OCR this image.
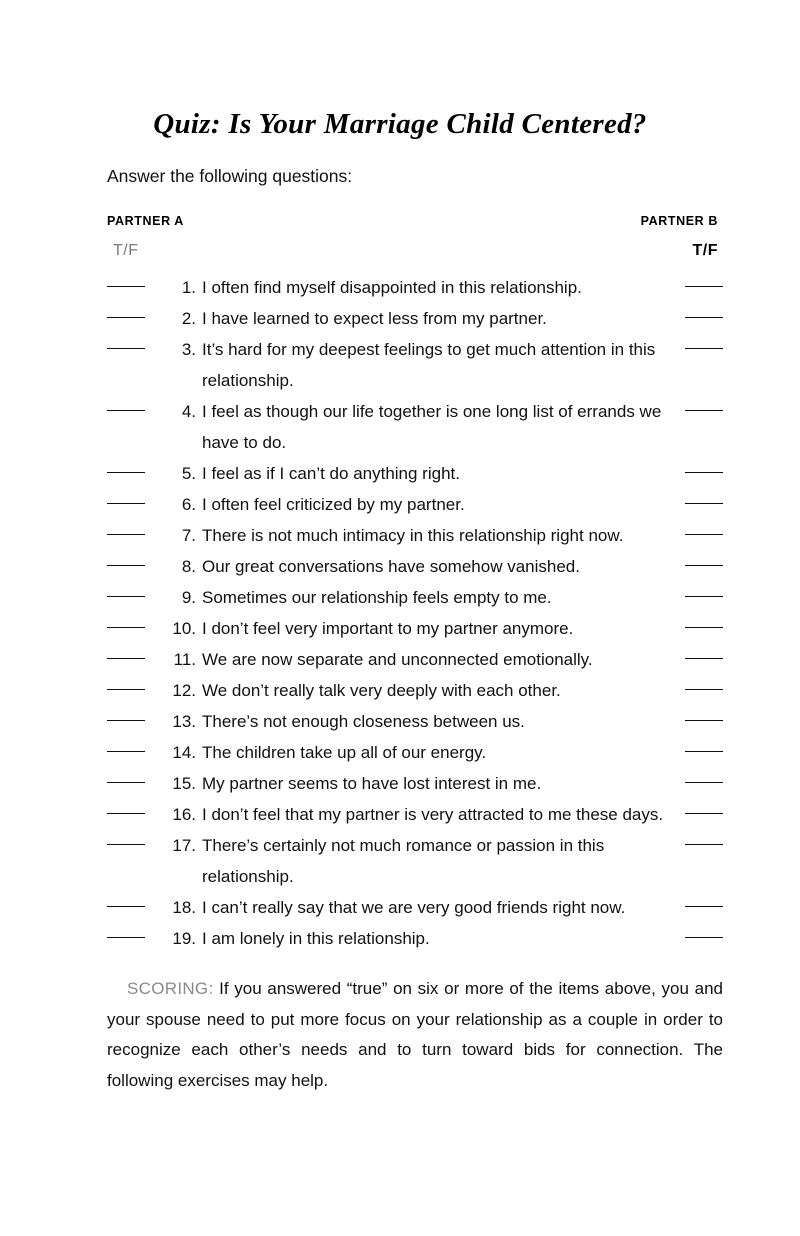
Quiz: Is Your Marriage Child Centered?
Answer the following questions:
PARTNER A	PARTNER B
T/F	T/F
1. I often find myself disappointed in this relationship.
2. I have learned to expect less from my partner.
3. It’s hard for my deepest feelings to get much attention in this relationship.
4. I feel as though our life together is one long list of errands we have to do.
5. I feel as if I can’t do anything right.
6. I often feel criticized by my partner.
7. There is not much intimacy in this relationship right now.
8. Our great conversations have somehow vanished.
9. Sometimes our relationship feels empty to me.
10. I don’t feel very important to my partner anymore.
11. We are now separate and unconnected emotionally.
12. We don’t really talk very deeply with each other.
13. There’s not enough closeness between us.
14. The children take up all of our energy.
15. My partner seems to have lost interest in me.
16. I don’t feel that my partner is very attracted to me these days.
17. There’s certainly not much romance or passion in this relationship.
18. I can’t really say that we are very good friends right now.
19. I am lonely in this relationship.
SCORING: If you answered “true” on six or more of the items above, you and your spouse need to put more focus on your relationship as a couple in order to recognize each other’s needs and to turn toward bids for connection. The following exercises may help.
